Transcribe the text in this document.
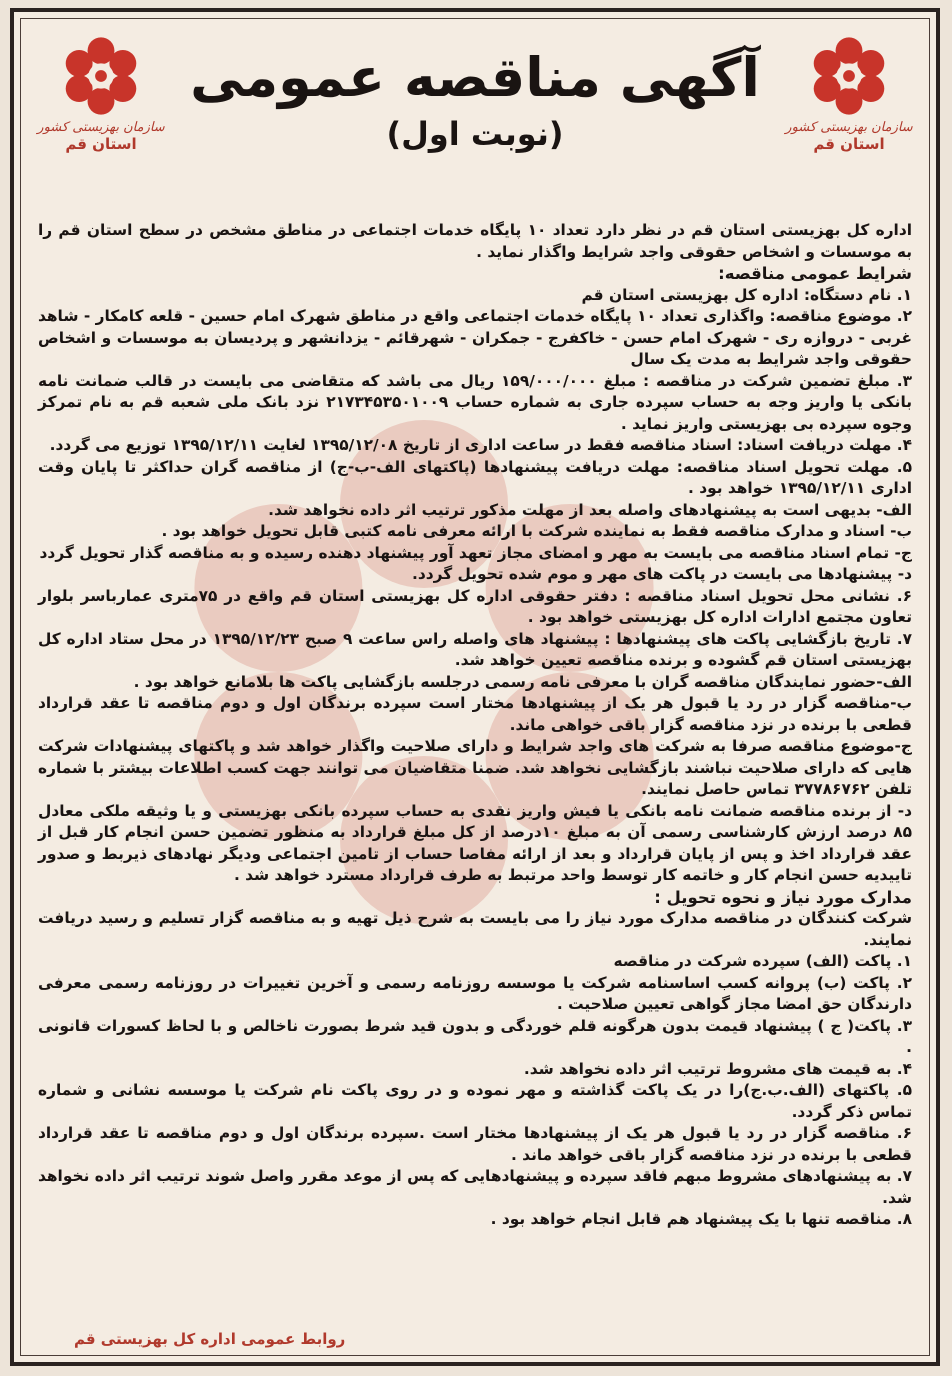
سازمان بهزیستی کشور
استان قم
سازمان بهزیستی کشور
استان قم
آگهی مناقصه عمومی
(نوبت اول)

اداره کل بهزیستی استان قم در نظر دارد تعداد ۱۰ پایگاه خدمات اجتماعی در مناطق مشخص در سطح استان قم را به موسسات و اشخاص حقوقی واجد شرایط واگذار نماید .

شرایط عمومی مناقصه:

۱. نام دستگاه: اداره کل بهزیستی استان قم

۲. موضوع مناقصه: واگذاری تعداد ۱۰ پایگاه خدمات اجتماعی واقع در مناطق شهرک امام حسین - قلعه کامکار - شاهد غربی - دروازه ری - شهرک امام حسن - خاکفرج - جمکران - شهرقائم - یزدانشهر و پردیسان به موسسات و اشخاص حقوقی واجد شرایط به مدت یک سال

۳. مبلغ تضمین شرکت در مناقصه : مبلغ ۱۵۹/۰۰۰/۰۰۰ ریال می باشد که متقاضی می بایست در قالب ضمانت نامه بانکی یا واریز وجه به حساب سپرده جاری به شماره حساب ۲۱۷۳۴۵۳۵۰۱۰۰۹ نزد بانک ملی شعبه قم به نام تمرکز وجوه سپرده بی بهزیستی واریز نماید .

۴. مهلت دریافت اسناد: اسناد مناقصه فقط در ساعت اداری از تاریخ ۱۳۹۵/۱۲/۰۸ لغایت ۱۳۹۵/۱۲/۱۱ توزیع می گردد.

۵. مهلت تحویل اسناد مناقصه: مهلت دریافت پیشنهادها (پاکتهای الف-ب-ج) از مناقصه گران حداکثر تا پایان وقت اداری ۱۳۹۵/۱۲/۱۱ خواهد بود .

الف- بدیهی است به پیشنهادهای واصله بعد از مهلت مذکور ترتیب اثر داده نخواهد شد.

ب- اسناد و مدارک مناقصه فقط به نماینده شرکت با ارائه معرفی نامه کتبی قابل تحویل خواهد بود .

ج- تمام اسناد مناقصه می بایست به مهر و امضای مجاز تعهد آور پیشنهاد دهنده رسیده و به مناقصه گذار تحویل گردد

د- پیشنهادها می بایست در پاکت های مهر و موم شده تحویل گردد.

۶. نشانی محل تحویل اسناد مناقصه : دفتر حقوقی اداره کل بهزیستی استان قم واقع در ۷۵متری عمارباسر بلوار تعاون مجتمع ادارات اداره کل بهزیستی خواهد بود .

۷. تاریخ بازگشایی پاکت های پیشنهادها : پیشنهاد های واصله راس ساعت ۹ صبح ۱۳۹۵/۱۲/۲۳ در محل ستاد اداره کل بهزیستی استان قم گشوده و برنده مناقصه تعیین خواهد شد.

الف-حضور نمایندگان مناقصه گران با معرفی نامه رسمی درجلسه بازگشایی پاکت ها بلامانع خواهد بود .

ب-مناقصه گزار در رد یا قبول هر یک از پیشنهادها مختار است سپرده برندگان اول و دوم مناقصه تا عقد قرارداد قطعی با برنده در نزد مناقصه گزار باقی خواهی ماند.

ج-موضوع مناقصه صرفا به شرکت های واجد شرایط و دارای صلاحیت واگذار خواهد شد و پاکتهای پیشنهادات شرکت هایی که دارای صلاحیت نباشند بازگشایی نخواهد شد. ضمنا متقاضیان می توانند جهت کسب اطلاعات بیشتر با شماره تلفن ۳۷۷۸۶۷۶۲ تماس حاصل نمایند.

د- از برنده مناقصه ضمانت نامه بانکی یا فیش واریز نقدی به حساب سپرده بانکی بهزیستی و یا وثیقه ملکی معادل ۸۵ درصد ارزش کارشناسی رسمی آن به مبلغ ۱۰درصد از کل مبلغ قرارداد به منظور تضمین حسن انجام کار قبل از عقد قرارداد اخذ و پس از پایان قرارداد و بعد از ارائه مفاصا حساب از تامین اجتماعی ودیگر نهادهای ذیربط و صدور تاییدیه حسن انجام کار و خاتمه کار توسط واحد مرتبط به طرف قرارداد مسترد خواهد شد .

مدارک مورد نیاز و نحوه تحویل :

شرکت کنندگان در مناقصه مدارک مورد نیاز را می بایست به شرح ذیل تهیه و به مناقصه گزار تسلیم و رسید دریافت نمایند.

۱. پاکت (الف) سپرده شرکت در مناقصه

۲. پاکت (ب) پروانه کسب اساسنامه شرکت یا موسسه روزنامه رسمی و آخرین تغییرات در روزنامه رسمی معرفی دارندگان حق امضا مجاز گواهی تعیین صلاحیت .

۳. پاکت( ج ) پیشنهاد قیمت بدون هرگونه قلم خوردگی و بدون قید شرط بصورت ناخالص و با لحاظ کسورات قانونی .

۴. به قیمت های مشروط ترتیب اثر داده نخواهد شد.

۵. پاکتهای (الف.ب.ج)را در یک پاکت گذاشته و مهر نموده و در روی پاکت نام شرکت یا موسسه نشانی و شماره تماس ذکر گردد.

۶. مناقصه گزار در رد یا قبول هر یک از پیشنهادها مختار است .سپرده برندگان اول و دوم مناقصه تا عقد قرارداد قطعی با برنده در نزد مناقصه گزار باقی خواهد ماند .

۷. به پیشنهادهای مشروط مبهم فاقد سپرده و پیشنهادهایی که پس از موعد مقرر واصل شوند ترتیب اثر داده نخواهد شد.

۸. مناقصه تنها با یک پیشنهاد هم قابل انجام خواهد بود .

روابط عمومی اداره کل بهزیستی قم
